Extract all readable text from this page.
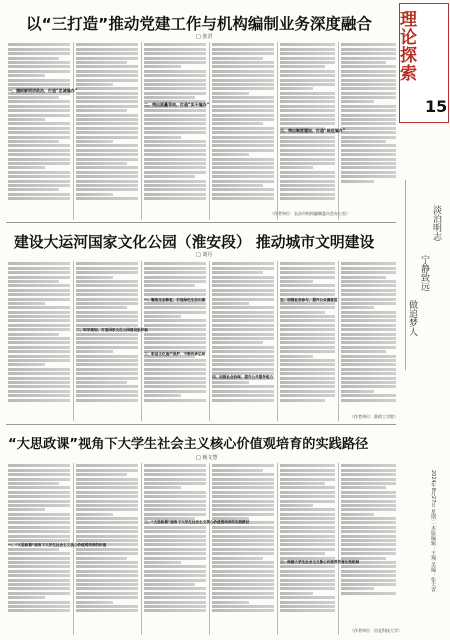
以“三打造”推动党建工作与机构编制业务深度融合
□ 张君
一、旗帜鲜明讲政治，打造“忠诚编办”
二、突出质量导向，打造“实干编办”
三、突出制度建设，打造“规范编办”
（作者单位：长沙市机构编制委员会办公室）
建设大运河国家文化公园（淮安段） 推动城市文明建设
□ 刘月
一、聚焦生态修复，打造绿色生态长廊
二、科学规划，打造国家文化公园建设新样板
三、彰显文化遗产保护，不断传承弘扬
四、加强社会协调，提升公共服务能力
五、加强社会参与，提升公众满意度
（作者单位：淮阴工学院）
“大思政课”视角下大学生社会主义核心价值观培育的实践路径
□ 杨文慧
一、“大思政课”视角下大学生社会主义核心价值观培育的价值
二、“大思政课”视角下大学生社会主义核心价值观培育的实践路径
三、构建大学生社会主义核心价值观培育长效机制
（作者单位：河北科技大学）
理论探索
15
淡泊明志
宁静致远
做追梦人
2024年8月27日 星期二 本版编辑：王翔 美编：张大青
